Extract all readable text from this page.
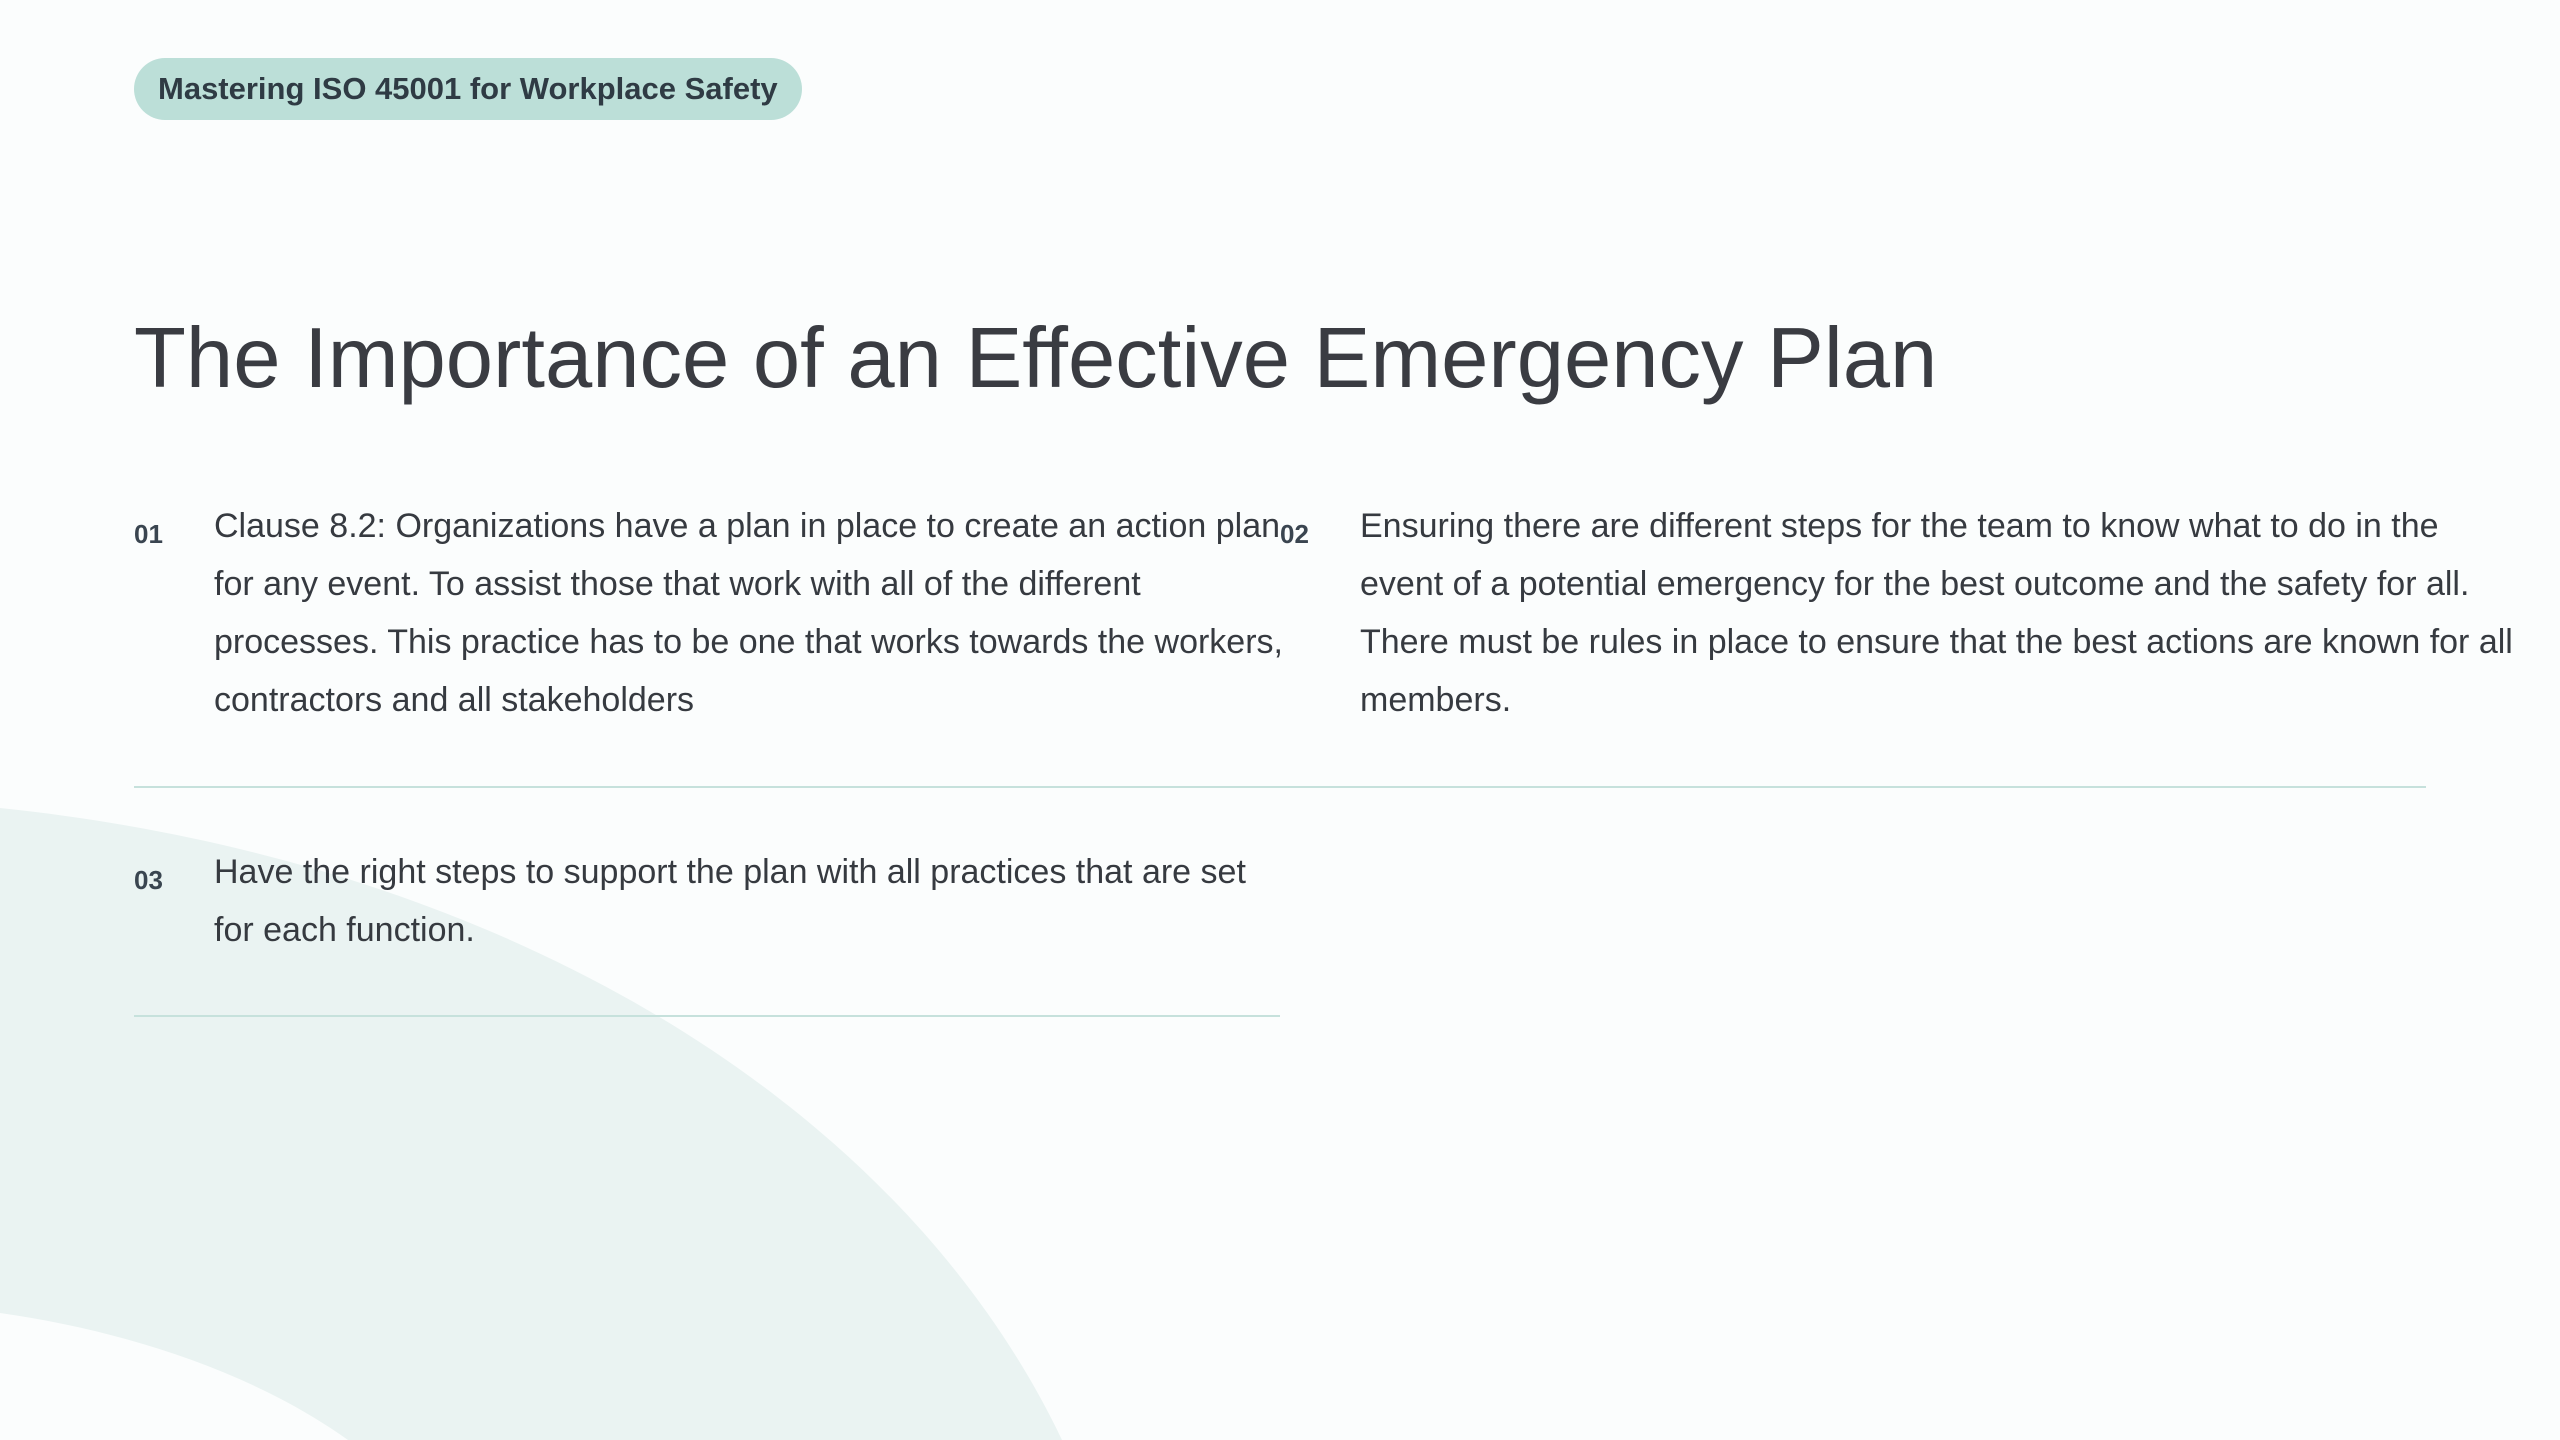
Mastering ISO 45001 for Workplace Safety
The Importance of an Effective Emergency Plan
01 Clause 8.2: Organizations have a plan in place to create an action plan for any event. To assist those that work with all of the different processes. This practice has to be one that works towards the workers, contractors and all stakeholders

02 Ensuring there are different steps for the team to know what to do in the event of a potential emergency for the best outcome and the safety for all. There must be rules in place to ensure that the best actions are known for all members.

03 Have the right steps to support the plan with all practices that are set for each function.
